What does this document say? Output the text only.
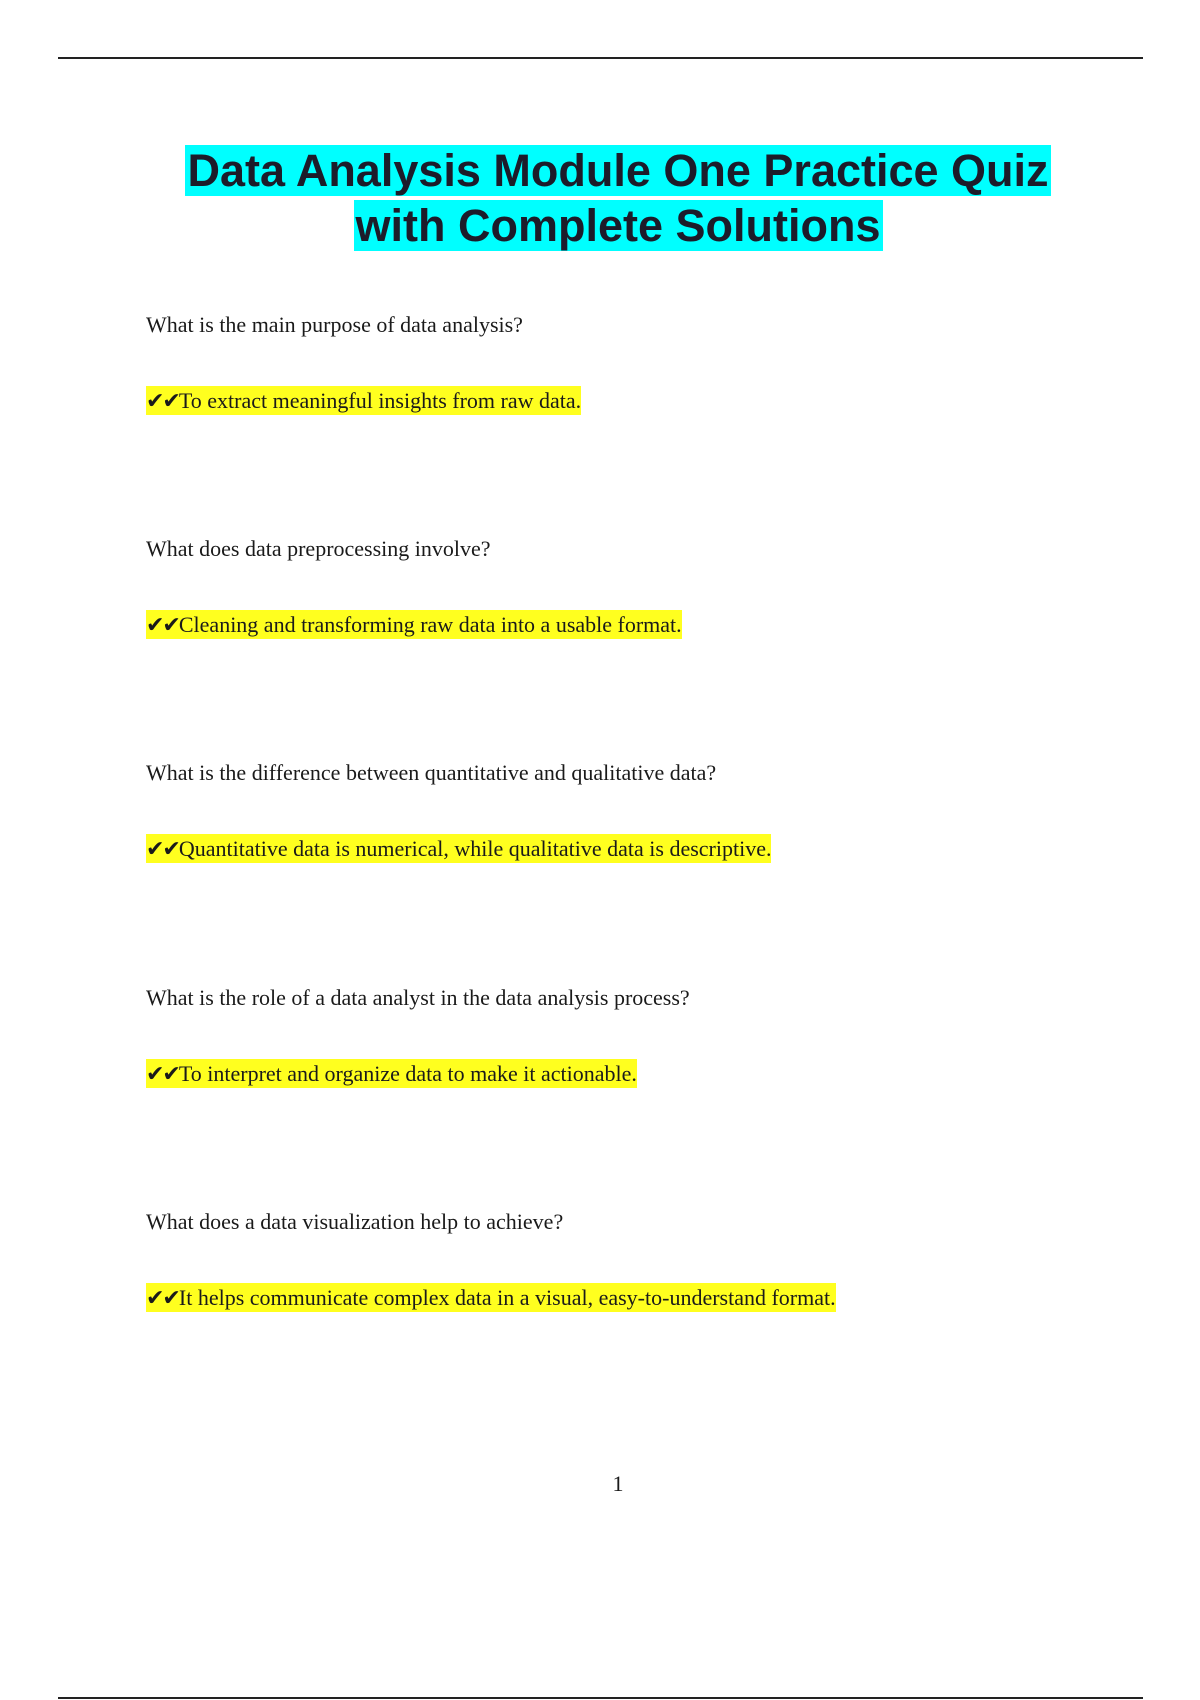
Data Analysis Module One Practice Quiz
with Complete Solutions

What is the main purpose of data analysis?

✔✔To extract meaningful insights from raw data.

What does data preprocessing involve?

✔✔Cleaning and transforming raw data into a usable format.

What is the difference between quantitative and qualitative data?

✔✔Quantitative data is numerical, while qualitative data is descriptive.

What is the role of a data analyst in the data analysis process?

✔✔To interpret and organize data to make it actionable.

What does a data visualization help to achieve?

✔✔It helps communicate complex data in a visual, easy-to-understand format.

1
